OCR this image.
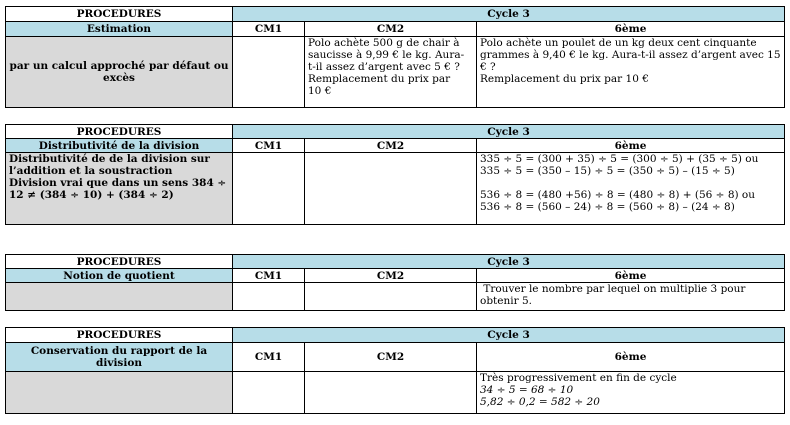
PROCEDURES	Cycle 3		
Estimation	CM1	CM2	6ème
par un calcul approché par défaut ou excès		Polo achète 500 g de chair à
saucisse à 9,99 € le kg. Aura-
t-il assez d’argent avec 5 € ?
Remplacement du prix par
10 €	Polo achète un poulet de un kg deux cent cinquante
grammes à 9,40 € le kg. Aura-t-il assez d’argent avec 15
€ ?
Remplacement du prix par 10 €
PROCEDURES	Cycle 3		
Distributivité de la division	CM1	CM2	6ème

Distributivité de de la division sur
l’addition et la soustraction
Division vrai que dans un sens 384 ÷
12 ≠ (384 ÷ 10) + (384 ÷ 2)			335 ÷ 5 = (300 + 35) ÷ 5 = (300 ÷ 5) + (35 ÷ 5) ou
335 ÷ 5 = (350 – 15) ÷ 5 = (350 ÷ 5) – (15 ÷ 5)
536 ÷ 8 = (480 +56) ÷ 8 = (480 ÷ 8) + (56 ÷ 8) ou
536 ÷ 8 = (560 – 24) ÷ 8 = (560 ÷ 8) – (24 ÷ 8)
PROCEDURES	Cycle 3		
Notion de quotient	CM1	CM2	6ème

			Trouver le nombre par lequel on multiplie 3 pour
obtenir 5.
PROCEDURES	Cycle 3		
Conservation du rapport de la division	CM1	CM2	6ème

			Très progressivement en fin de cycle
34 ÷ 5 = 68 ÷ 10
5,82 ÷ 0,2 = 582 ÷ 20
